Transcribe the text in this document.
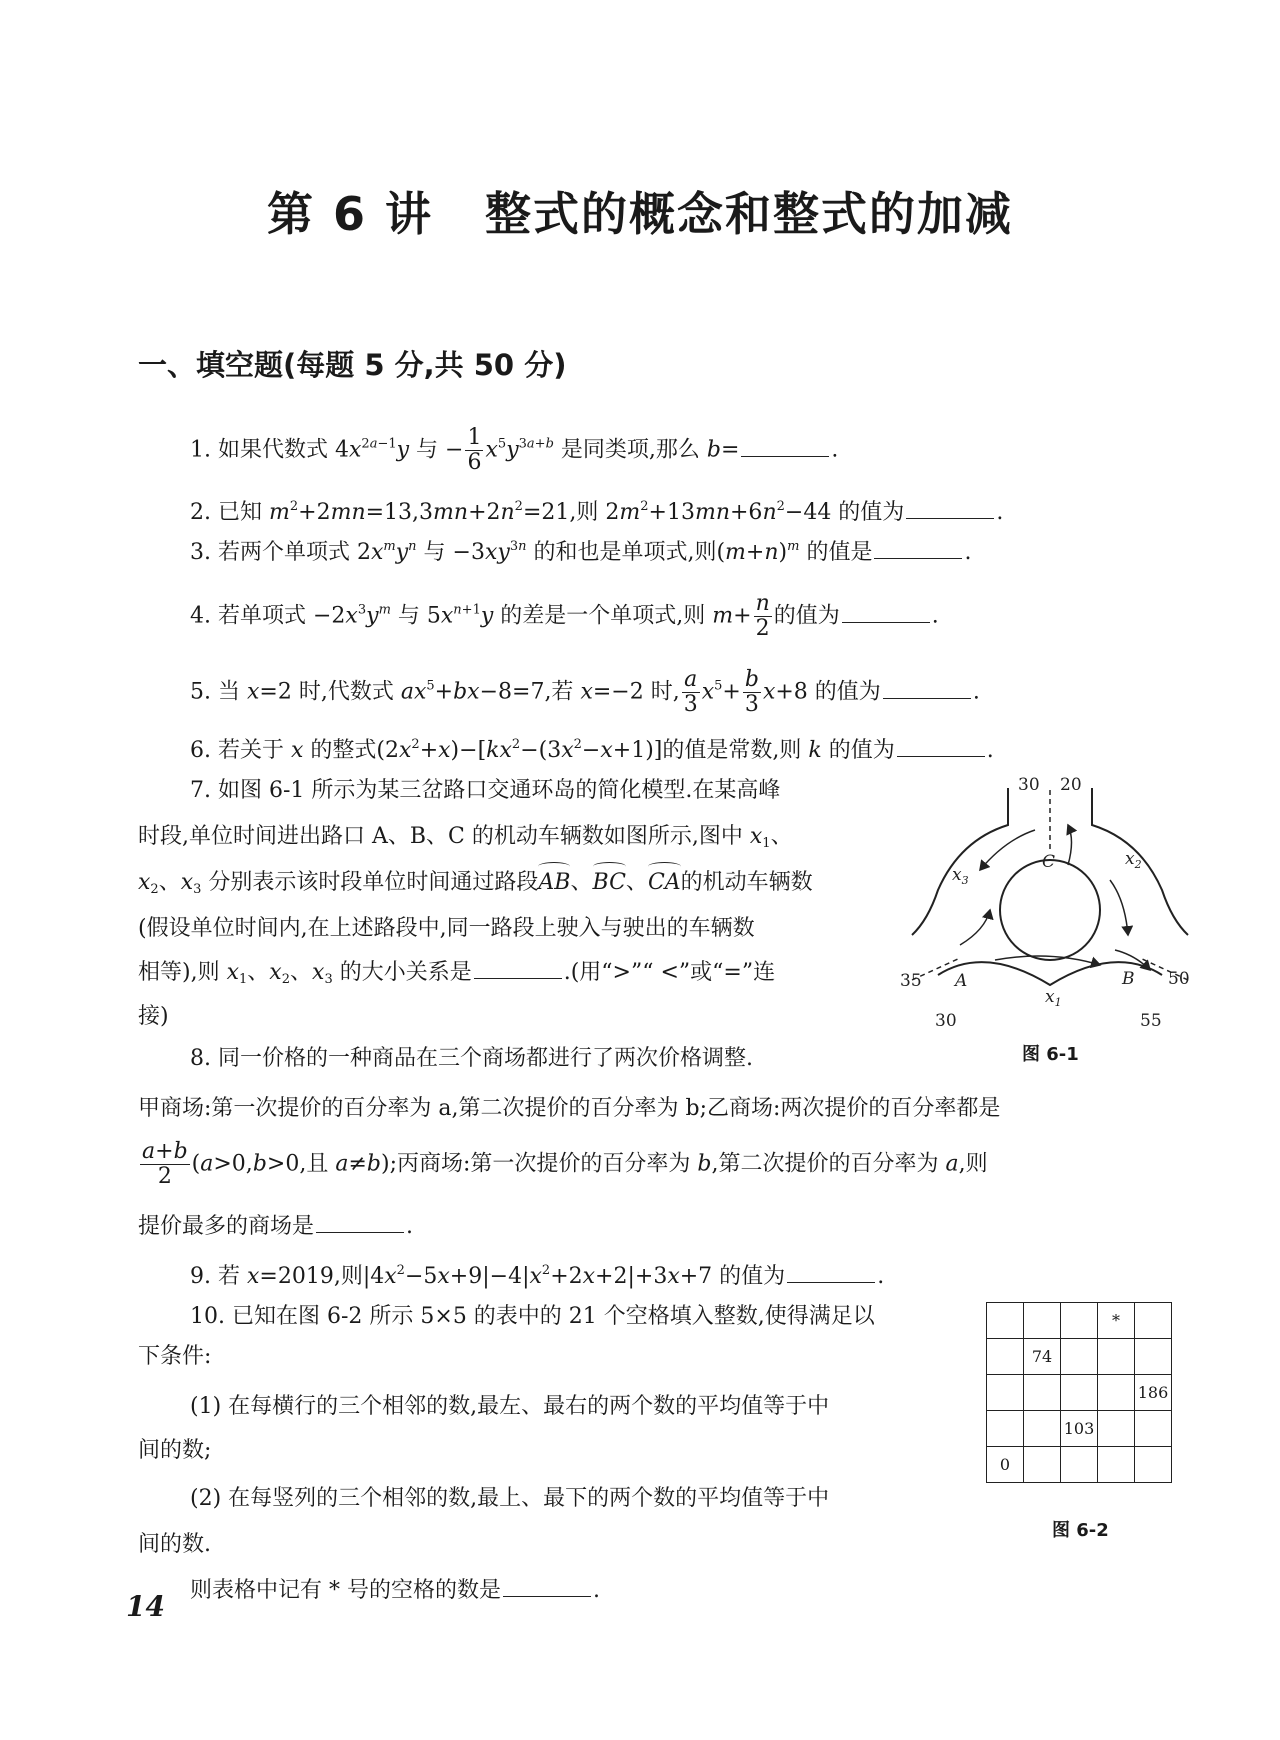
第 6 讲 整式的概念和整式的加减
一、填空题(每题 5 分,共 50 分)
1. 如果代数式 $4x^{2a-1}y$ 与 − $\frac{1}{6} x^5y^{3a+b}$ 是同类项,那么 b=	.
2. 已知 $m^2+2mn=13,3mn+2n^2=21$,则 $2m^2+13mn+6n^2-44$ 的值为	.
3. 若两个单项式 $2x^my^n$ 与 $-3xy^{3n}$ 的和也是单项式,则$(m+n)^m$ 的值是	.
4. 若单项式 $-2x^3y^m$ 与 $5x^{n+1}y$ 的差是一个单项式,则 $m+ \frac{n}{2}$ 的值为	.
5. 当 x=2 时,代数式 $ax^5+bx-8=7$,若 x=−2 时, $\frac{a}{3} x^5+ \frac{b}{3} x+8$ 的值为	.
6. 若关于 x 的整式$(2x^2+x)-[kx^2-(3x^2-x+1)]$的值是常数,则 k 的值为	.
7. 如图 6-1 所示为某三岔路口交通环岛的简化模型.在某高峰
时段,单位时间进出路口 A、B、C 的机动车辆数如图所示,图中 $x_1$、
$x_2$、$x_3$ 分别表示该时段单位时间通过路段AB、BC、CA的机动车辆数
(假设单位时间内,在上述路段中,同一路段上驶入与驶出的车辆数
相等),则 $x_1$、$x_2$、$x_3$ 的大小关系是	.(用“>”“ <”或“=”连
接)
30 20
35
30
50
55
A	B
C
$x_3$
$x_2$
$x_1$
图 6-1
8. 同一价格的一种商品在三个商场都进行了两次价格调整.
甲商场:第一次提价的百分率为 a,第二次提价的百分率为 b;乙商场:两次提价的百分率都是
$\frac{a+b}{2} (a>0,b>0$,且 a≠b);丙商场:第一次提价的百分率为 b,第二次提价的百分率为 a,则
提价最多的商场是	.
9. 若 x=2019,则$|4x^2-5x+9|-4|x^2+2x+2|+3x+7$ 的值为	.
10. 已知在图 6-2 所示 5×5 的表中的 21 个空格填入整数,使得满足以
下条件:
(1) 在每横行的三个相邻的数,最左、最右的两个数的平均值等于中
间的数;
(2) 在每竖列的三个相邻的数,最上、最下的两个数的平均值等于中
间的数.
则表格中记有 * 号的空格的数是	.
			*	
	74			
				186
		103		
0				
图 6-2
14
